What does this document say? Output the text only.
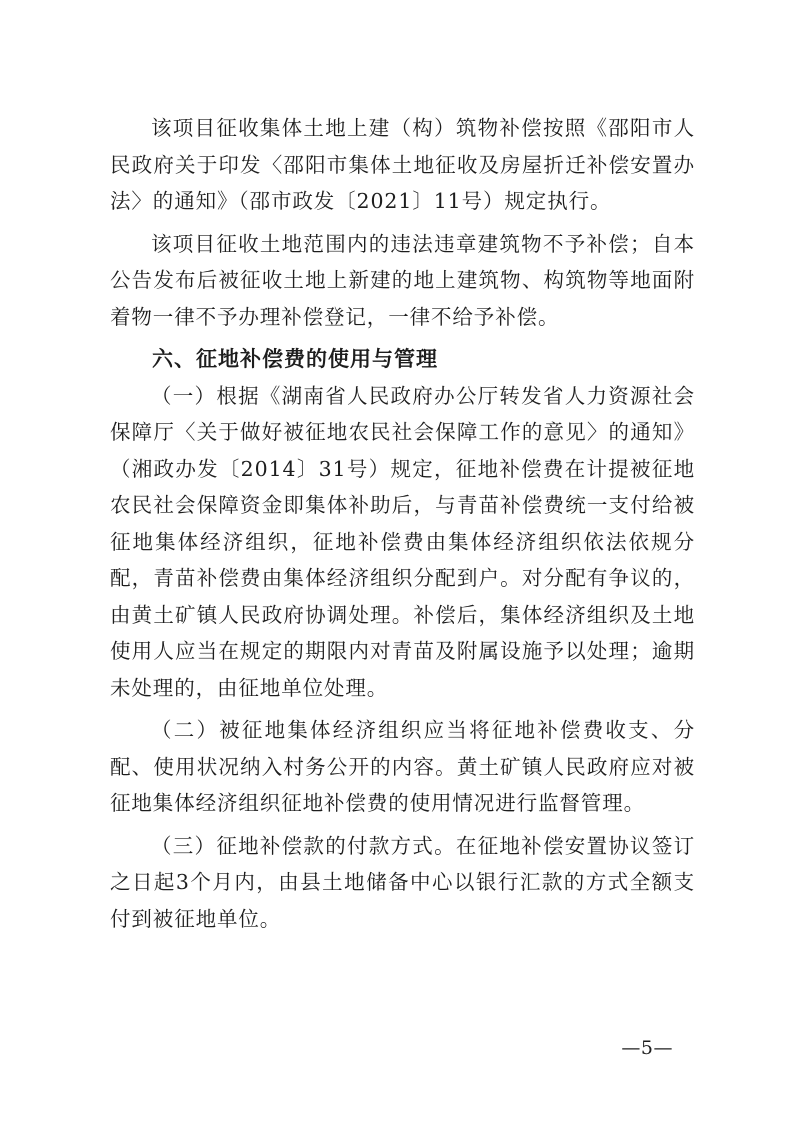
该项目征收集体土地上建（构）筑物补偿按照《邵阳市人民政府关于印发〈邵阳市集体土地征收及房屋折迁补偿安置办法〉的通知》（邵市政发〔2021〕11号）规定执行。

该项目征收土地范围内的违法违章建筑物不予补偿；自本公告发布后被征收土地上新建的地上建筑物、构筑物等地面附着物一律不予办理补偿登记，一律不给予补偿。

六、征地补偿费的使用与管理

（一）根据《湖南省人民政府办公厅转发省人力资源社会保障厅〈关于做好被征地农民社会保障工作的意见〉的通知》（湘政办发〔2014〕31号）规定，征地补偿费在计提被征地农民社会保障资金即集体补助后，与青苗补偿费统一支付给被征地集体经济组织，征地补偿费由集体经济组织依法依规分配，青苗补偿费由集体经济组织分配到户。对分配有争议的，由黄土矿镇人民政府协调处理。补偿后，集体经济组织及土地使用人应当在规定的期限内对青苗及附属设施予以处理；逾期未处理的，由征地单位处理。

（二）被征地集体经济组织应当将征地补偿费收支、分配、使用状况纳入村务公开的内容。黄土矿镇人民政府应对被征地集体经济组织征地补偿费的使用情况进行监督管理。

（三）征地补偿款的付款方式。在征地补偿安置协议签订之日起3个月内，由县土地储备中心以银行汇款的方式全额支付到被征地单位。

—5—
